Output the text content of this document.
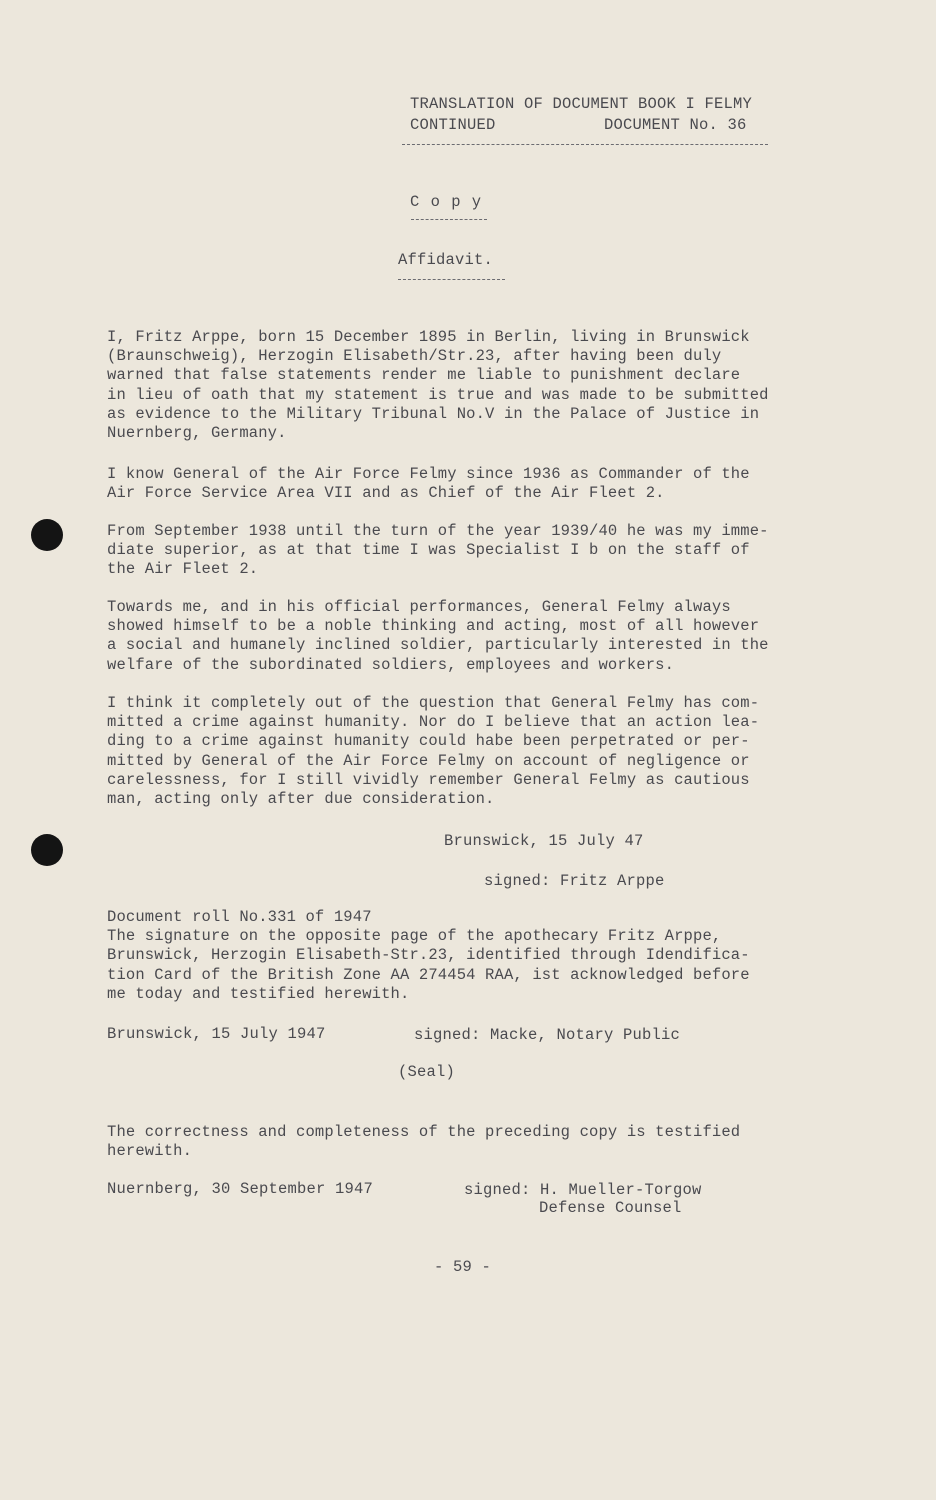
TRANSLATION OF DOCUMENT BOOK I FELMY
CONTINUED	DOCUMENT No. 36
C o p y
Affidavit.
I, Fritz Arppe, born 15 December 1895 in Berlin, living in Brunswick
(Braunschweig), Herzogin Elisabeth/Str.23, after having been duly
warned that false statements render me liable to punishment declare
in lieu of oath that my statement is true and was made to be submitted
as evidence to the Military Tribunal No.V in the Palace of Justice in
Nuernberg, Germany.
I know General of the Air Force Felmy since 1936 as Commander of the
Air Force Service Area VII and as Chief of the Air Fleet 2.
From September 1938 until the turn of the year 1939/40 he was my imme-
diate superior, as at that time I was Specialist I b on the staff of
the Air Fleet 2.
Towards me, and in his official performances, General Felmy always
showed himself to be a noble thinking and acting, most of all however
a social and humanely inclined soldier, particularly interested in the
welfare of the subordinated soldiers, employees and workers.
I think it completely out of the question that General Felmy has com-
mitted a crime against humanity. Nor do I believe that an action lea-
ding to a crime against humanity could habe been perpetrated or per-
mitted by General of the Air Force Felmy on account of negligence or
carelessness, for I still vividly remember General Felmy as cautious
man, acting only after due consideration.
Brunswick, 15 July 47
signed: Fritz Arppe
Document roll No.331 of 1947
The signature on the opposite page of the apothecary Fritz Arppe,
Brunswick, Herzogin Elisabeth-Str.23, identified through Idendifica-
tion Card of the British Zone AA 274454 RAA, ist acknowledged before
me today and testified herewith.
Brunswick, 15 July 1947	signed: Macke, Notary Public
(Seal)
The correctness and completeness of the preceding copy is testified
herewith.
Nuernberg, 30 September 1947	signed: H. Mueller-Torgow
Defense Counsel
- 59 -
